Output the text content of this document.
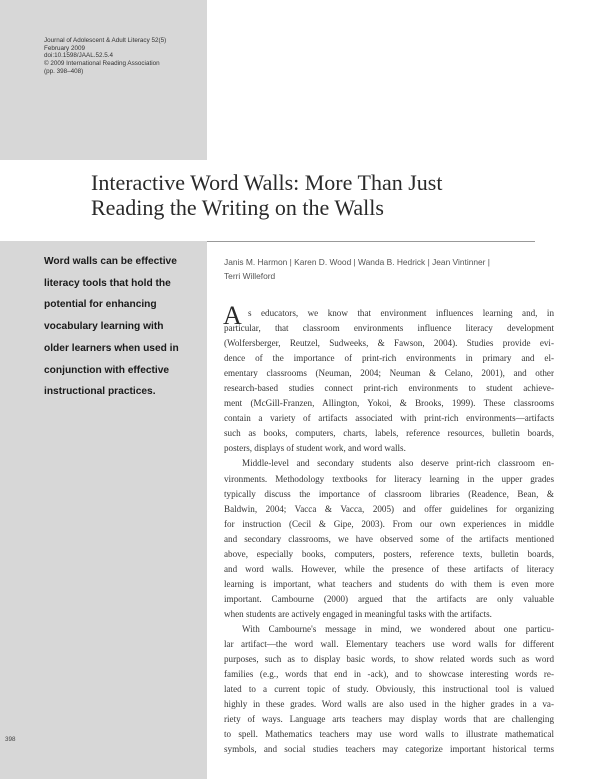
Journal of Adolescent & Adult Literacy 52(5)
February 2009
doi:10.1598/JAAL.52.5.4
© 2009 International Reading Association
(pp. 398–408)
Interactive Word Walls: More Than Just
Reading the Writing on the Walls
Word walls can be effective
literacy tools that hold the
potential for enhancing
vocabulary learning with
older learners when used in
conjunction with effective
instructional practices.
Janis M. Harmon | Karen D. Wood | Wanda B. Hedrick | Jean Vintinner |
Terri Willeford
A s educators, we know that environment influences learning and, in
particular, that classroom environments influence literacy development
(Wolfersberger, Reutzel, Sudweeks, & Fawson, 2004). Studies provide evi-
dence of the importance of print-rich environments in primary and el-
ementary classrooms (Neuman, 2004; Neuman & Celano, 2001), and other
research-based studies connect print-rich environments to student achieve-
ment (McGill-Franzen, Allington, Yokoi, & Brooks, 1999). These classrooms
contain a variety of artifacts associated with print-rich environments—artifacts
such as books, computers, charts, labels, reference resources, bulletin boards,
posters, displays of student work, and word walls.
Middle-level and secondary students also deserve print-rich classroom en-
vironments. Methodology textbooks for literacy learning in the upper grades
typically discuss the importance of classroom libraries (Readence, Bean, &
Baldwin, 2004; Vacca & Vacca, 2005) and offer guidelines for organizing
for instruction (Cecil & Gipe, 2003). From our own experiences in middle
and secondary classrooms, we have observed some of the artifacts mentioned
above, especially books, computers, posters, reference texts, bulletin boards,
and word walls. However, while the presence of these artifacts of literacy
learning is important, what teachers and students do with them is even more
important. Cambourne (2000) argued that the artifacts are only valuable
when students are actively engaged in meaningful tasks with the artifacts.
With Cambourne's message in mind, we wondered about one particu-
lar artifact—the word wall. Elementary teachers use word walls for different
purposes, such as to display basic words, to show related words such as word
families (e.g., words that end in -ack), and to showcase interesting words re-
lated to a current topic of study. Obviously, this instructional tool is valued
highly in these grades. Word walls are also used in the higher grades in a va-
riety of ways. Language arts teachers may display words that are challenging
to spell. Mathematics teachers may use word walls to illustrate mathematical
symbols, and social studies teachers may categorize important historical terms
398
